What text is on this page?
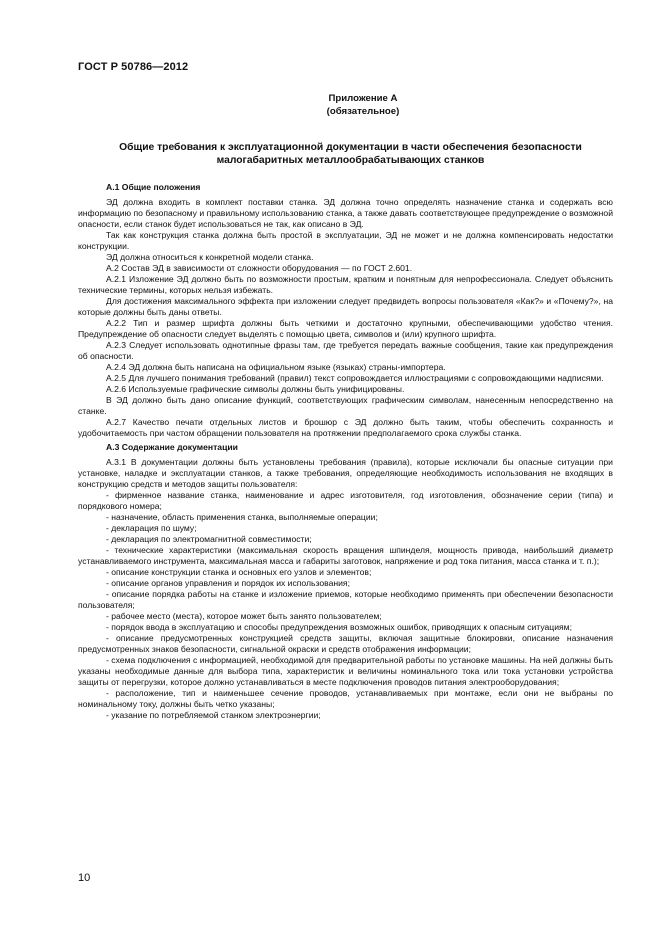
ГОСТ Р 50786—2012
Приложение А
(обязательное)
Общие требования к эксплуатационной документации в части обеспечения безопасности малогабаритных металлообрабатывающих станков

А.1 Общие положения

ЭД должна входить в комплект поставки станка. ЭД должна точно определять назначение станка и содержать всю информацию по безопасному и правильному использованию станка, а также давать соответствующее предупреждение о возможной опасности, если станок будет использоваться не так, как описано в ЭД.

Так как конструкция станка должна быть простой в эксплуатации, ЭД не может и не должна компенсировать недостатки конструкции.

ЭД должна относиться к конкретной модели станка.

А.2 Состав ЭД в зависимости от сложности оборудования — по ГОСТ 2.601.

А.2.1 Изложение ЭД должно быть по возможности простым, кратким и понятным для непрофессионала. Следует объяснить технические термины, которых нельзя избежать.

Для достижения максимального эффекта при изложении следует предвидеть вопросы пользователя «Как?» и «Почему?», на которые должны быть даны ответы.

А.2.2 Тип и размер шрифта должны быть четкими и достаточно крупными, обеспечивающими удобство чтения. Предупреждение об опасности следует выделять с помощью цвета, символов и (или) крупного шрифта.

А.2.3 Следует использовать однотипные фразы там, где требуется передать важные сообщения, такие как предупреждения об опасности.

А.2.4 ЭД должна быть написана на официальном языке (языках) страны-импортера.

А.2.5 Для лучшего понимания требований (правил) текст сопровождается иллюстрациями с сопровождающими надписями.

А.2.6 Используемые графические символы должны быть унифицированы.

В ЭД должно быть дано описание функций, соответствующих графическим символам, нанесенным непосредственно на станке.

А.2.7 Качество печати отдельных листов и брошюр с ЭД должно быть таким, чтобы обеспечить сохранность и удобочитаемость при частом обращении пользователя на протяжении предполагаемого срока службы станка.

А.3 Содержание документации

А.3.1 В документации должны быть установлены требования (правила), которые исключали бы опасные ситуации при установке, наладке и эксплуатации станков, а также требования, определяющие необходимость использования не входящих в конструкцию средств и методов защиты пользователя:

- фирменное название станка, наименование и адрес изготовителя, год изготовления, обозначение серии (типа) и порядкового номера;

- назначение, область применения станка, выполняемые операции;

- декларация по шуму;

- декларация по электромагнитной совместимости;

- технические характеристики (максимальная скорость вращения шпинделя, мощность привода, наибольший диаметр устанавливаемого инструмента, максимальная масса и габариты заготовок, напряжение и род тока питания, масса станка и т. п.);

- описание конструкции станка и основных его узлов и элементов;

- описание органов управления и порядок их использования;

- описание порядка работы на станке и изложение приемов, которые необходимо применять при обеспечении безопасности пользователя;

- рабочее место (места), которое может быть занято пользователем;

- порядок ввода в эксплуатацию и способы предупреждения возможных ошибок, приводящих к опасным ситуациям;

- описание предусмотренных конструкцией средств защиты, включая защитные блокировки, описание назначения предусмотренных знаков безопасности, сигнальной окраски и средств отображения информации;

- схема подключения с информацией, необходимой для предварительной работы по установке машины. На ней должны быть указаны необходимые данные для выбора типа, характеристик и величины номинального тока или тока установки устройства защиты от перегрузки, которое должно устанавливаться в месте подключения проводов питания электрооборудования;

- расположение, тип и наименьшее сечение проводов, устанавливаемых при монтаже, если они не выбраны по номинальному току, должны быть четко указаны;

- указание по потребляемой станком электроэнергии;

10
